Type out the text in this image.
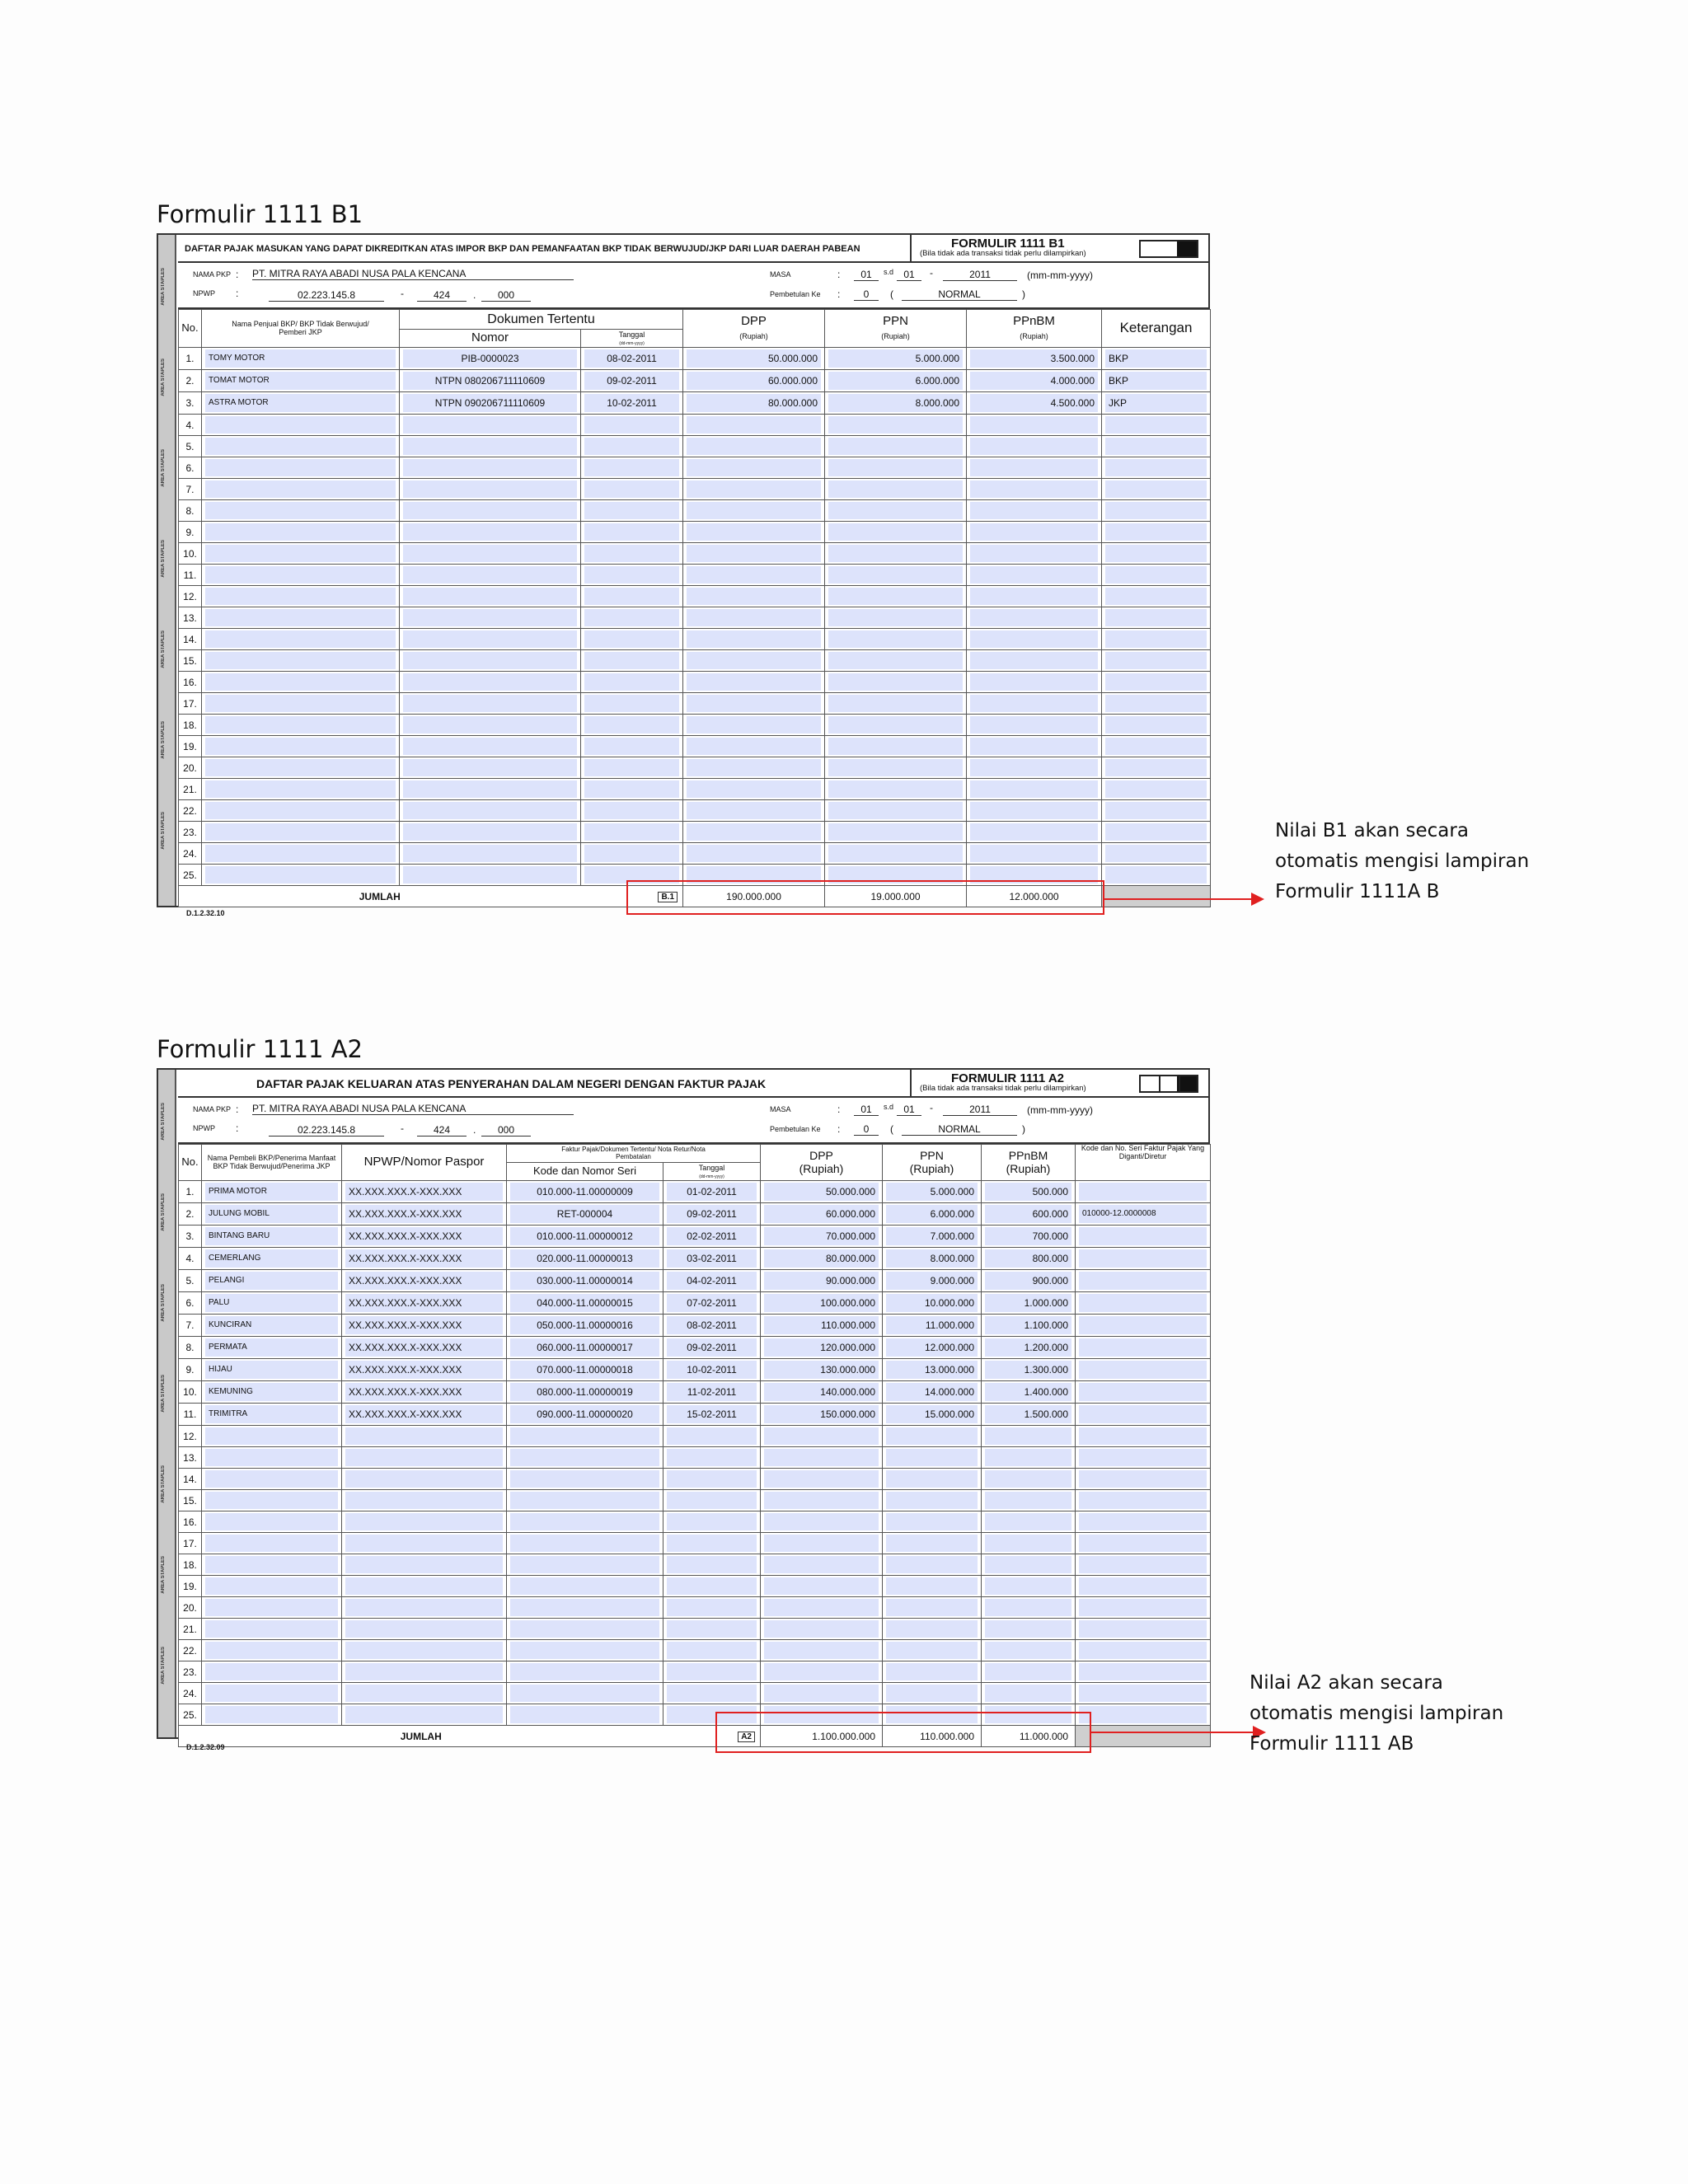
Formulir 1111 B1
AREA STAPLES
AREA STAPLES
AREA STAPLES
AREA STAPLES
AREA STAPLES
AREA STAPLES
AREA STAPLES
DAFTAR PAJAK MASUKAN YANG DAPAT DIKREDITKAN ATAS IMPOR BKP DAN PEMANFAATAN BKP TIDAK BERWUJUD/JKP DARI LUAR DAERAH PABEAN	FORMULIR 1111 B1
(Bila tidak ada transaksi tidak perlu dilampirkan)
NAMA PKP : PT. MITRA RAYA ABADI NUSA PALA KENCANA
NPWP :	02.223.145.8	-	424	.	000
MASA	:	01	s.d	01	-	2011	(mm-mm-yyyy)
Pembetulan Ke :	0	(	NORMAL	)
No.	Nama Penjual BKP/ BKP Tidak Berwujud/ Pemberi JKP	Dokumen Tertentu		DPP
(Rupiah)	PPN
(Rupiah)	PPnBM
(Rupiah)	Keterangan
		Nomor	Tanggal
(dd-mm-yyyy)				
1.	TOMY MOTOR	PIB-0000023	08-02-2011	50.000.000	5.000.000	3.500.000	BKP

2.	TOMAT MOTOR	NTPN 080206711110609	09-02-2011	60.000.000	6.000.000	4.000.000	BKP

3.	ASTRA MOTOR	NTPN 090206711110609	10-02-2011	80.000.000	8.000.000	4.500.000	JKP

4.	

5.	

6.	

7.	

8.	

9.	

10.	

11.	

12.	

13.	

14.	

15.	

16.	

17.	

18.	

19.	

20.	

21.	

22.	

23.	

24.	

25.	

JUMLAH			B.1	190.000.000	19.000.000	12.000.000	
D.1.2.32.10
Nilai B1 akan secara
otomatis mengisi lampiran
Formulir 1111A B
Formulir 1111 A2
AREA STAPLES
AREA STAPLES
AREA STAPLES
AREA STAPLES
AREA STAPLES
AREA STAPLES
AREA STAPLES
DAFTAR PAJAK KELUARAN ATAS PENYERAHAN DALAM NEGERI DENGAN FAKTUR PAJAK	FORMULIR 1111 A2
(Bila tidak ada transaksi tidak perlu dilampirkan)
NAMA PKP : PT. MITRA RAYA ABADI NUSA PALA KENCANA
NPWP :	02.223.145.8	-	424	.	000
MASA	:	01	s.d	01	-	2011	(mm-mm-yyyy)
Pembetulan Ke :	0	(	NORMAL	)
No.	Nama Pembeli BKP/Penerima Manfaat BKP Tidak Berwujud/Penerima JKP	NPWP/Nomor Paspor	Faktur Pajak/Dokumen Tertentu/ Nota Retur/Nota Pembatalan		DPP
(Rupiah)	PPN
(Rupiah)	PPnBM
(Rupiah)	Kode dan No. Seri Faktur Pajak Yang Diganti/Diretur
			Kode dan Nomor Seri	Tanggal
(dd-mm-yyyy)				
1.	PRIMA MOTOR	XX.XXX.XXX.X-XXX.XXX	010.000-11.00000009	01-02-2011	50.000.000	5.000.000	500.000	

2.	JULUNG MOBIL	XX.XXX.XXX.X-XXX.XXX	RET-000004	09-02-2011	60.000.000	6.000.000	600.000	010000-12.0000008

3.	BINTANG BARU	XX.XXX.XXX.X-XXX.XXX	010.000-11.00000012	02-02-2011	70.000.000	7.000.000	700.000	

4.	CEMERLANG	XX.XXX.XXX.X-XXX.XXX	020.000-11.00000013	03-02-2011	80.000.000	8.000.000	800.000	

5.	PELANGI	XX.XXX.XXX.X-XXX.XXX	030.000-11.00000014	04-02-2011	90.000.000	9.000.000	900.000	

6.	PALU	XX.XXX.XXX.X-XXX.XXX	040.000-11.00000015	07-02-2011	100.000.000	10.000.000	1.000.000	

7.	KUNCIRAN	XX.XXX.XXX.X-XXX.XXX	050.000-11.00000016	08-02-2011	110.000.000	11.000.000	1.100.000	

8.	PERMATA	XX.XXX.XXX.X-XXX.XXX	060.000-11.00000017	09-02-2011	120.000.000	12.000.000	1.200.000	

9.	HIJAU	XX.XXX.XXX.X-XXX.XXX	070.000-11.00000018	10-02-2011	130.000.000	13.000.000	1.300.000	

10.	KEMUNING	XX.XXX.XXX.X-XXX.XXX	080.000-11.00000019	11-02-2011	140.000.000	14.000.000	1.400.000	

11.	TRIMITRA	XX.XXX.XXX.X-XXX.XXX	090.000-11.00000020	15-02-2011	150.000.000	15.000.000	1.500.000	

12.	

13.	

14.	

15.	

16.	

17.	

18.	

19.	

20.	

21.	

22.	

23.	

24.	

25.	

JUMLAH				A2	1.100.000.000	110.000.000	11.000.000	
D.1.2.32.09
Nilai A2 akan secara
otomatis mengisi lampiran
Formulir 1111 AB
